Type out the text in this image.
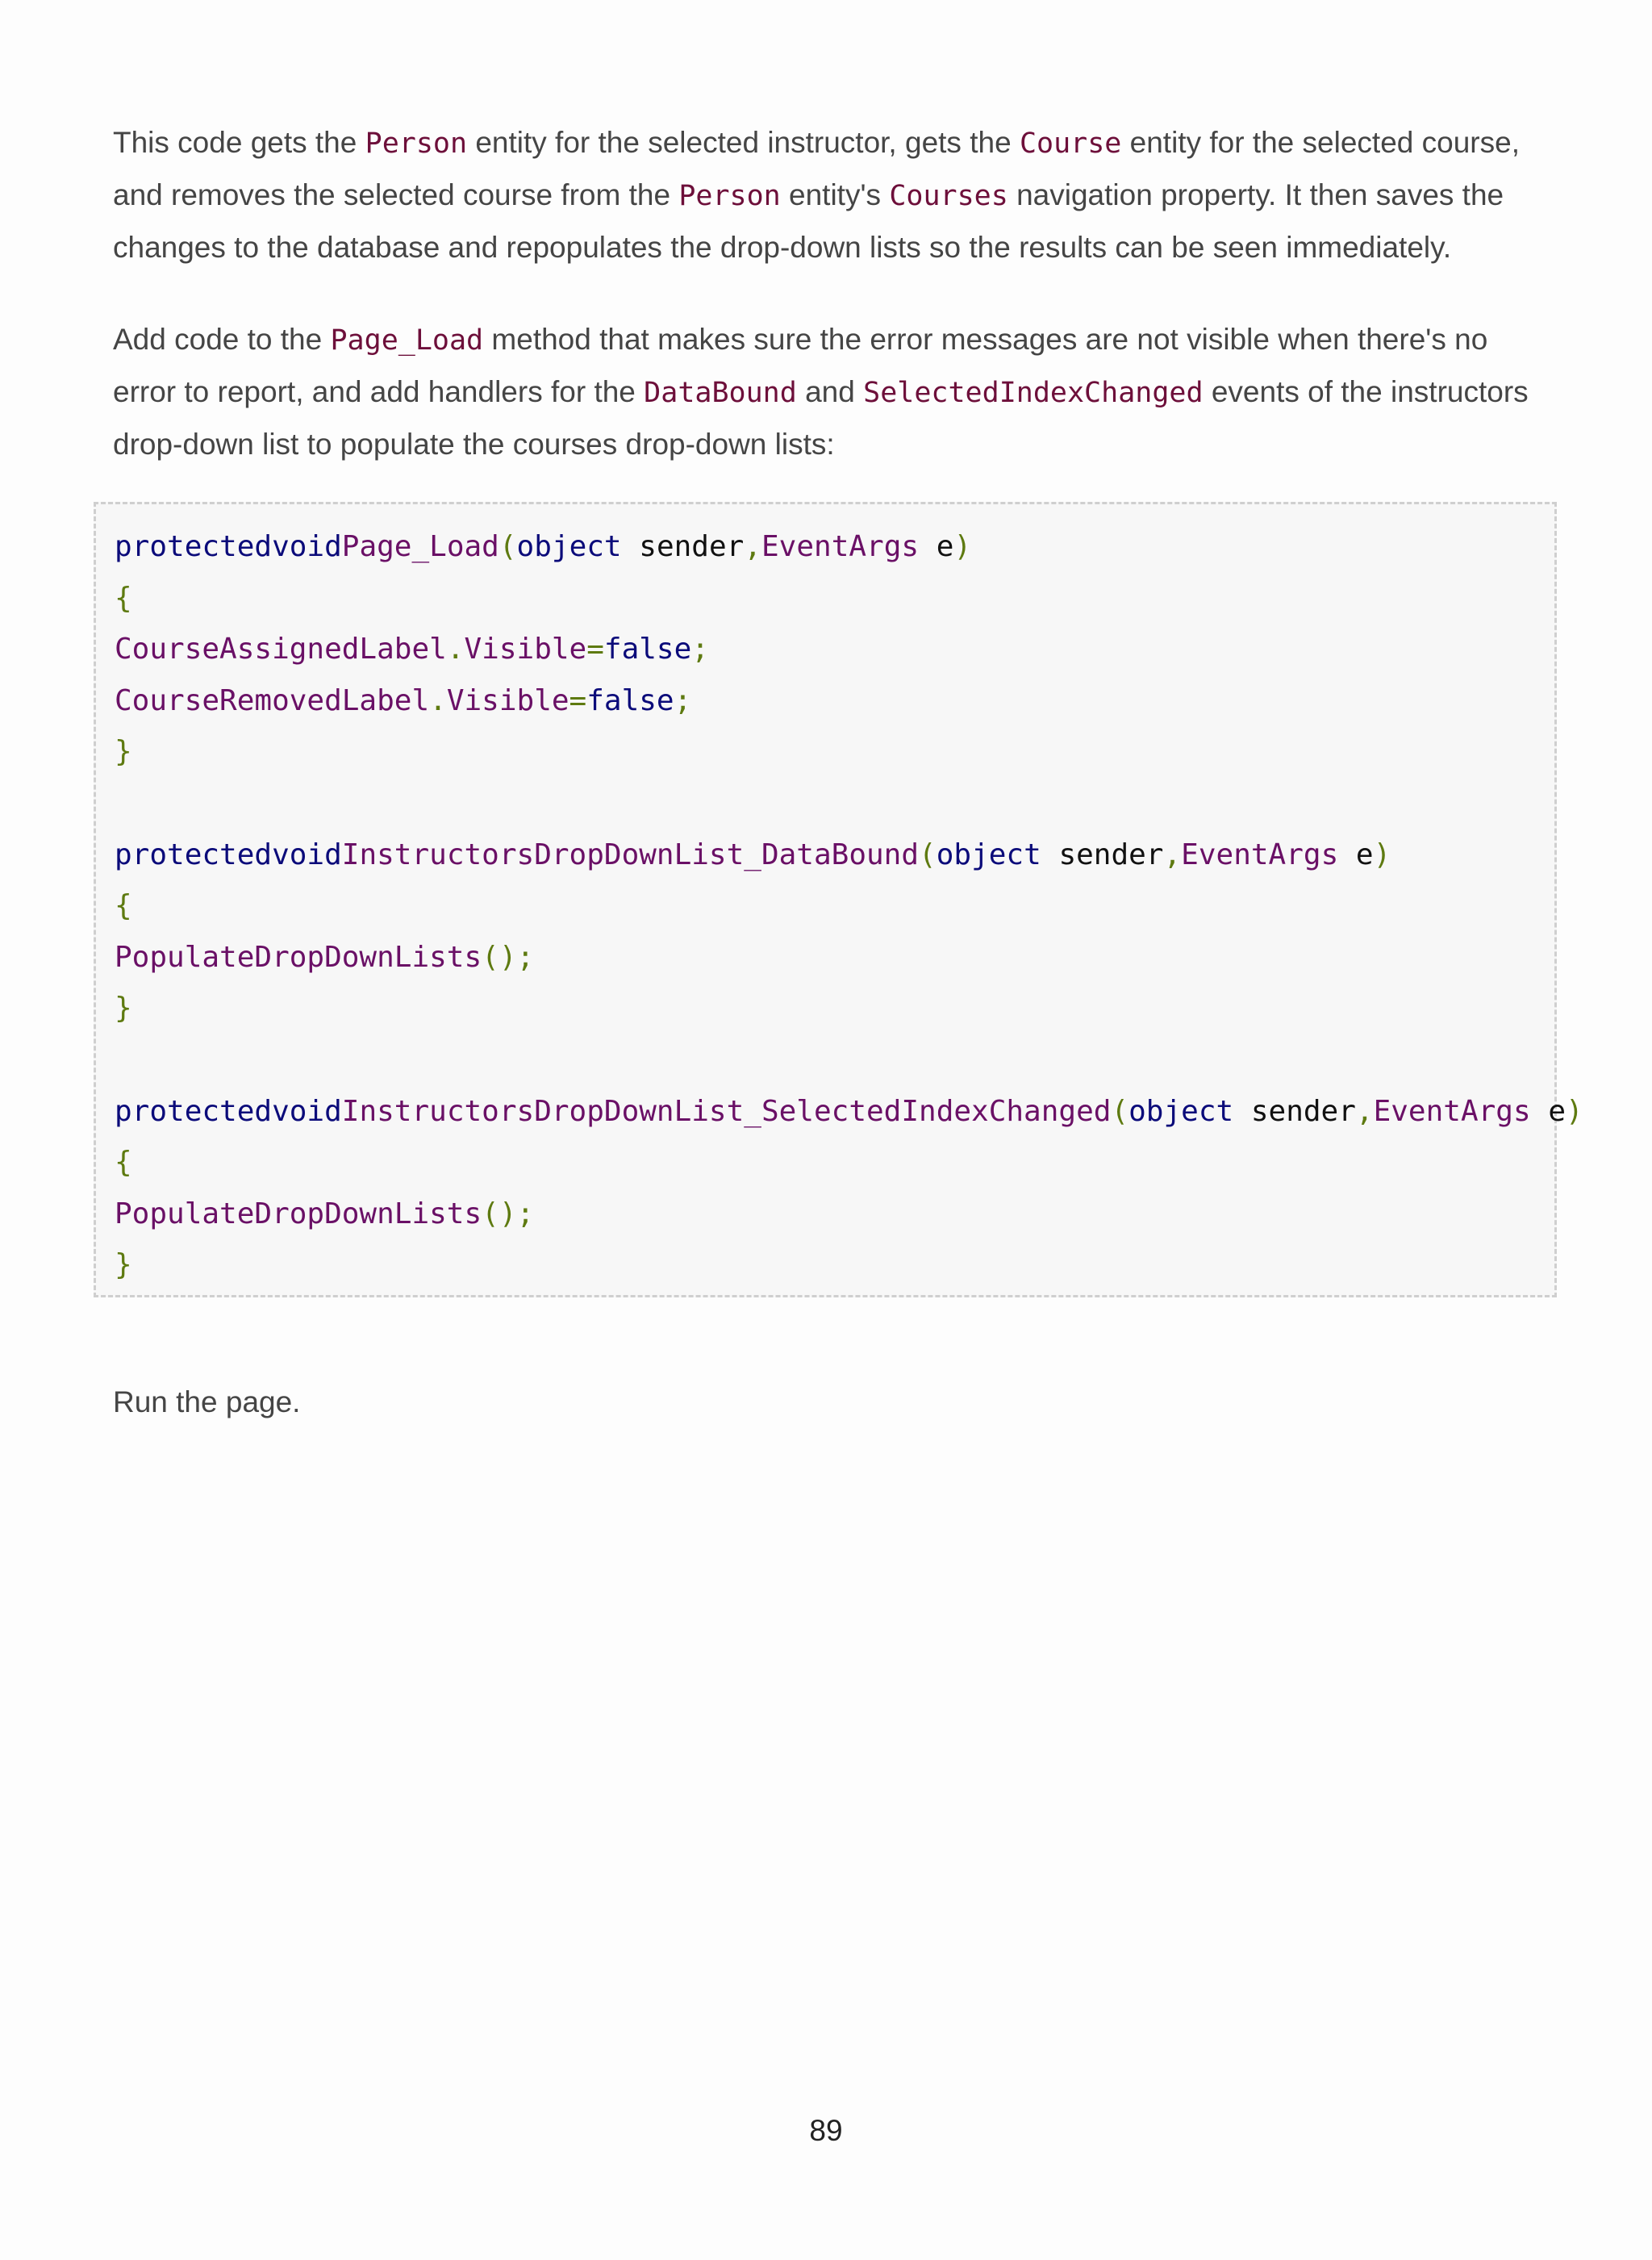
This code gets the Person entity for the selected instructor, gets the Course entity for the selected course, and removes the selected course from the Person entity's Courses navigation property. It then saves the changes to the database and repopulates the drop-down lists so the results can be seen immediately.

Add code to the Page_Load method that makes sure the error messages are not visible when there's no error to report, and add handlers for the DataBound and SelectedIndexChanged events of the instructors drop-down list to populate the courses drop-down lists:

protectedvoidPage_Load(object sender,EventArgs e)
{
CourseAssignedLabel.Visible=false;
CourseRemovedLabel.Visible=false;
}
protectedvoidInstructorsDropDownList_DataBound(object sender,EventArgs e)
{
PopulateDropDownLists();
}
protectedvoidInstructorsDropDownList_SelectedIndexChanged(object sender,EventArgs e)
{
PopulateDropDownLists();
}

Run the page.

89
